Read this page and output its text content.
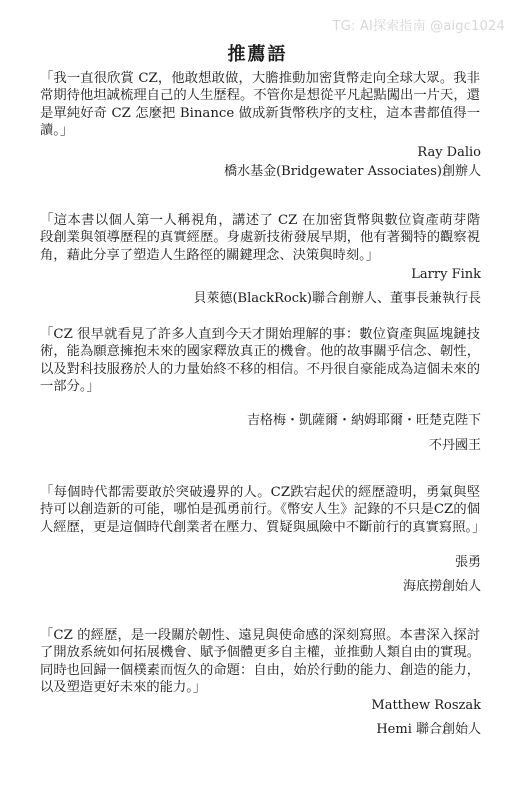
TG: AI探索指南 @aigc1024
推薦語

「我一直很欣賞 CZ，他敢想敢做，大膽推動加密貨幣走向全球大眾。我非常期待他坦誠梳理自己的人生歷程。不管你是想從平凡起點闖出一片天，還是單純好奇 CZ 怎麼把 Binance 做成新貨幣秩序的支柱，這本書都值得一讀。」

Ray Dalio
橋水基金(Bridgewater Associates)創辦人

「這本書以個人第一人稱視角，講述了 CZ 在加密貨幣與數位資產萌芽階段創業與領導歷程的真實經歷。身處新技術發展早期，他有著獨特的觀察視角，藉此分享了塑造人生路徑的關鍵理念、決策與時刻。」

Larry Fink
貝萊德(BlackRock)聯合創辦人、董事長兼執行長

「CZ 很早就看見了許多人直到今天才開始理解的事：數位資產與區塊鏈技術，能為願意擁抱未來的國家釋放真正的機會。他的故事關乎信念、韌性，以及對科技服務於人的力量始終不移的相信。不丹很自豪能成為這個未來的一部分。」

吉格梅・凱薩爾・納姆耶爾・旺楚克陛下
不丹國王

「每個時代都需要敢於突破邊界的人。CZ跌宕起伏的經歷證明，勇氣與堅持可以創造新的可能，哪怕是孤勇前行。《幣安人生》記錄的不只是CZ的個人經歷，更是這個時代創業者在壓力、質疑與風險中不斷前行的真實寫照。」

張勇
海底撈創始人

「CZ 的經歷，是一段關於韌性、遠見與使命感的深刻寫照。本書深入探討了開放系統如何拓展機會、賦予個體更多自主權，並推動人類自由的實現。同時也回歸一個樸素而恆久的命題：自由，始於行動的能力、創造的能力，以及塑造更好未來的能力。」

Matthew Roszak
Hemi 聯合創始人
